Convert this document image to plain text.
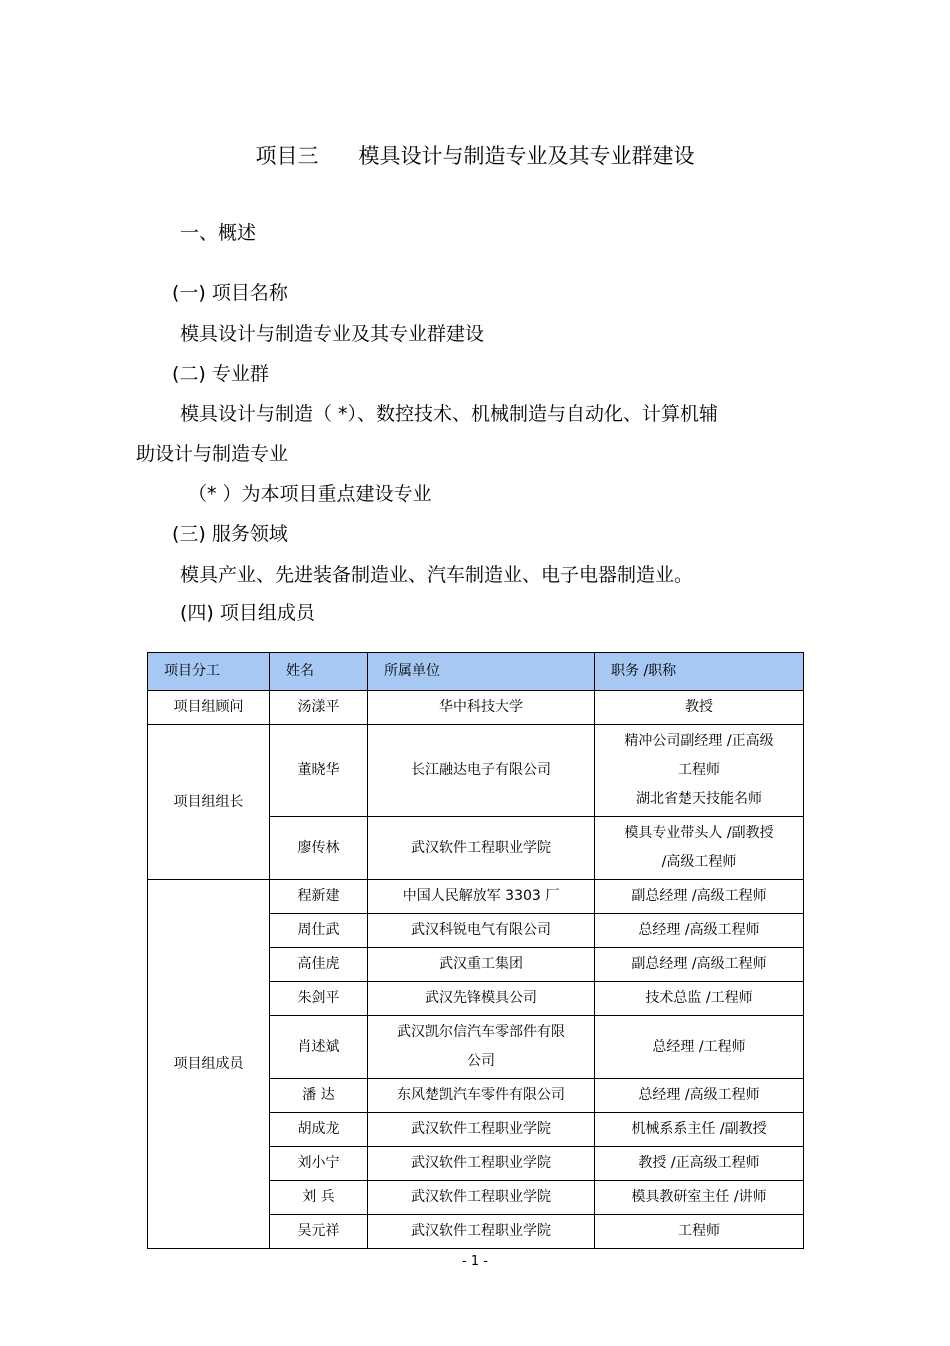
项目三      模具设计与制造专业及其专业群建设
一、概述
(一) 项目名称
模具设计与制造专业及其专业群建设
(二) 专业群
模具设计与制造（ *）、数控技术、机械制造与自动化、计算机辅
助设计与制造专业
（* ）为本项目重点建设专业
(三) 服务领域
模具产业、先进装备制造业、汽车制造业、电子电器制造业。
(四) 项目组成员
项目分工	姓名	所属单位	职务 /职称
项目组顾问	汤漾平	华中科技大学	教授
项目组组长	董晓华	长江融达电子有限公司	精冲公司副经理 /正高级
工程师
湖北省楚天技能名师
	廖传林	武汉软件工程职业学院	模具专业带头人 /副教授
/高级工程师
项目组成员	程新建	中国人民解放军 3303 厂	副总经理 /高级工程师
	周仕武	武汉科锐电气有限公司	总经理 /高级工程师
	高佳虎	武汉重工集团	副总经理 /高级工程师
	朱剑平	武汉先锋模具公司	技术总监 /工程师
	肖述斌	武汉凯尔信汽车零部件有限
公司	总经理 /工程师
	潘 达	东风楚凯汽车零件有限公司	总经理 /高级工程师
	胡成龙	武汉软件工程职业学院	机械系系主任 /副教授
	刘小宁	武汉软件工程职业学院	教授 /正高级工程师
	刘 兵	武汉软件工程职业学院	模具教研室主任 /讲师
	吴元祥	武汉软件工程职业学院	工程师
- 1 -
